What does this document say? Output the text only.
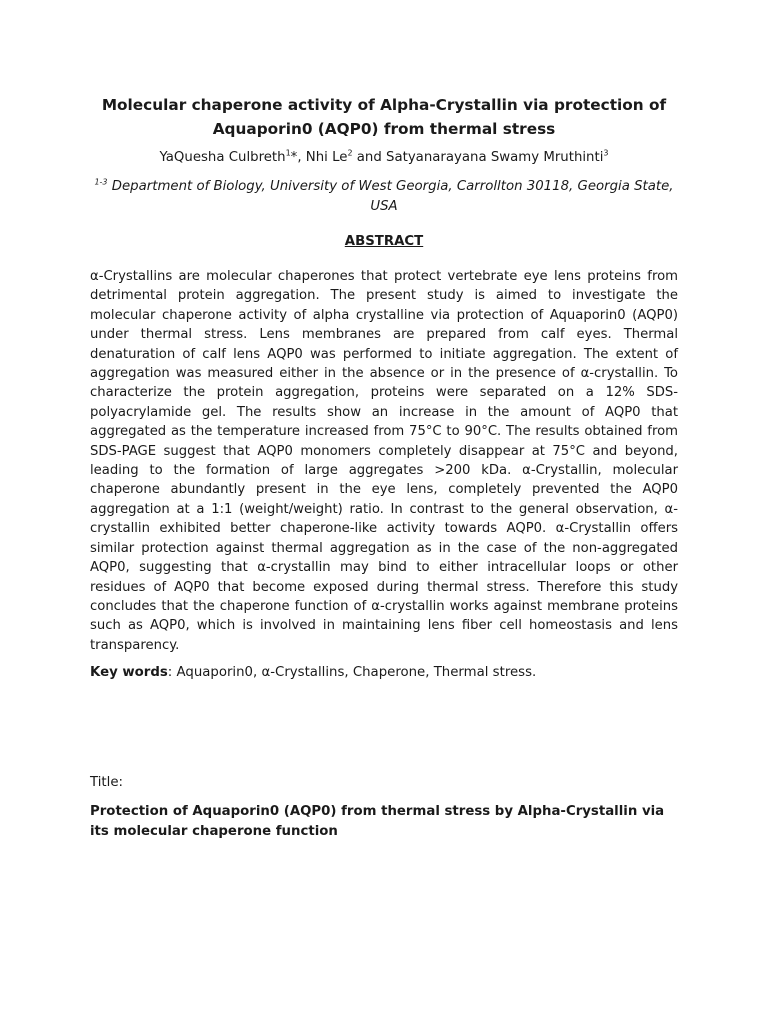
Molecular chaperone activity of Alpha-Crystallin via protection of Aquaporin0 (AQP0) from thermal stress
YaQuesha Culbreth$^1$*, Nhi Le$^2$ and Satyanarayana Swamy Mruthinti$^3$
$^{1-3}$ Department of Biology, University of West Georgia, Carrollton 30118, Georgia State, USA
ABSTRACT
α-Crystallins are molecular chaperones that protect vertebrate eye lens proteins from detrimental protein aggregation. The present study is aimed to investigate the molecular chaperone activity of alpha crystalline via protection of Aquaporin0 (AQP0) under thermal stress. Lens membranes are prepared from calf eyes. Thermal denaturation of calf lens AQP0 was performed to initiate aggregation. The extent of aggregation was measured either in the absence or in the presence of α-crystallin. To characterize the protein aggregation, proteins were separated on a 12% SDS-polyacrylamide gel. The results show an increase in the amount of AQP0 that aggregated as the temperature increased from 75°C to 90°C. The results obtained from SDS-PAGE suggest that AQP0 monomers completely disappear at 75°C and beyond, leading to the formation of large aggregates >200 kDa. α-Crystallin, molecular chaperone abundantly present in the eye lens, completely prevented the AQP0 aggregation at a 1:1 (weight/weight) ratio. In contrast to the general observation, α-crystallin exhibited better chaperone-like activity towards AQP0. α-Crystallin offers similar protection against thermal aggregation as in the case of the non-aggregated AQP0, suggesting that α-crystallin may bind to either intracellular loops or other residues of AQP0 that become exposed during thermal stress. Therefore this study concludes that the chaperone function of α-crystallin works against membrane proteins such as AQP0, which is involved in maintaining lens fiber cell homeostasis and lens transparency.
Key words: Aquaporin0, α-Crystallins, Chaperone, Thermal stress.
Title:
Protection of Aquaporin0 (AQP0) from thermal stress by Alpha-Crystallin via its molecular chaperone function
